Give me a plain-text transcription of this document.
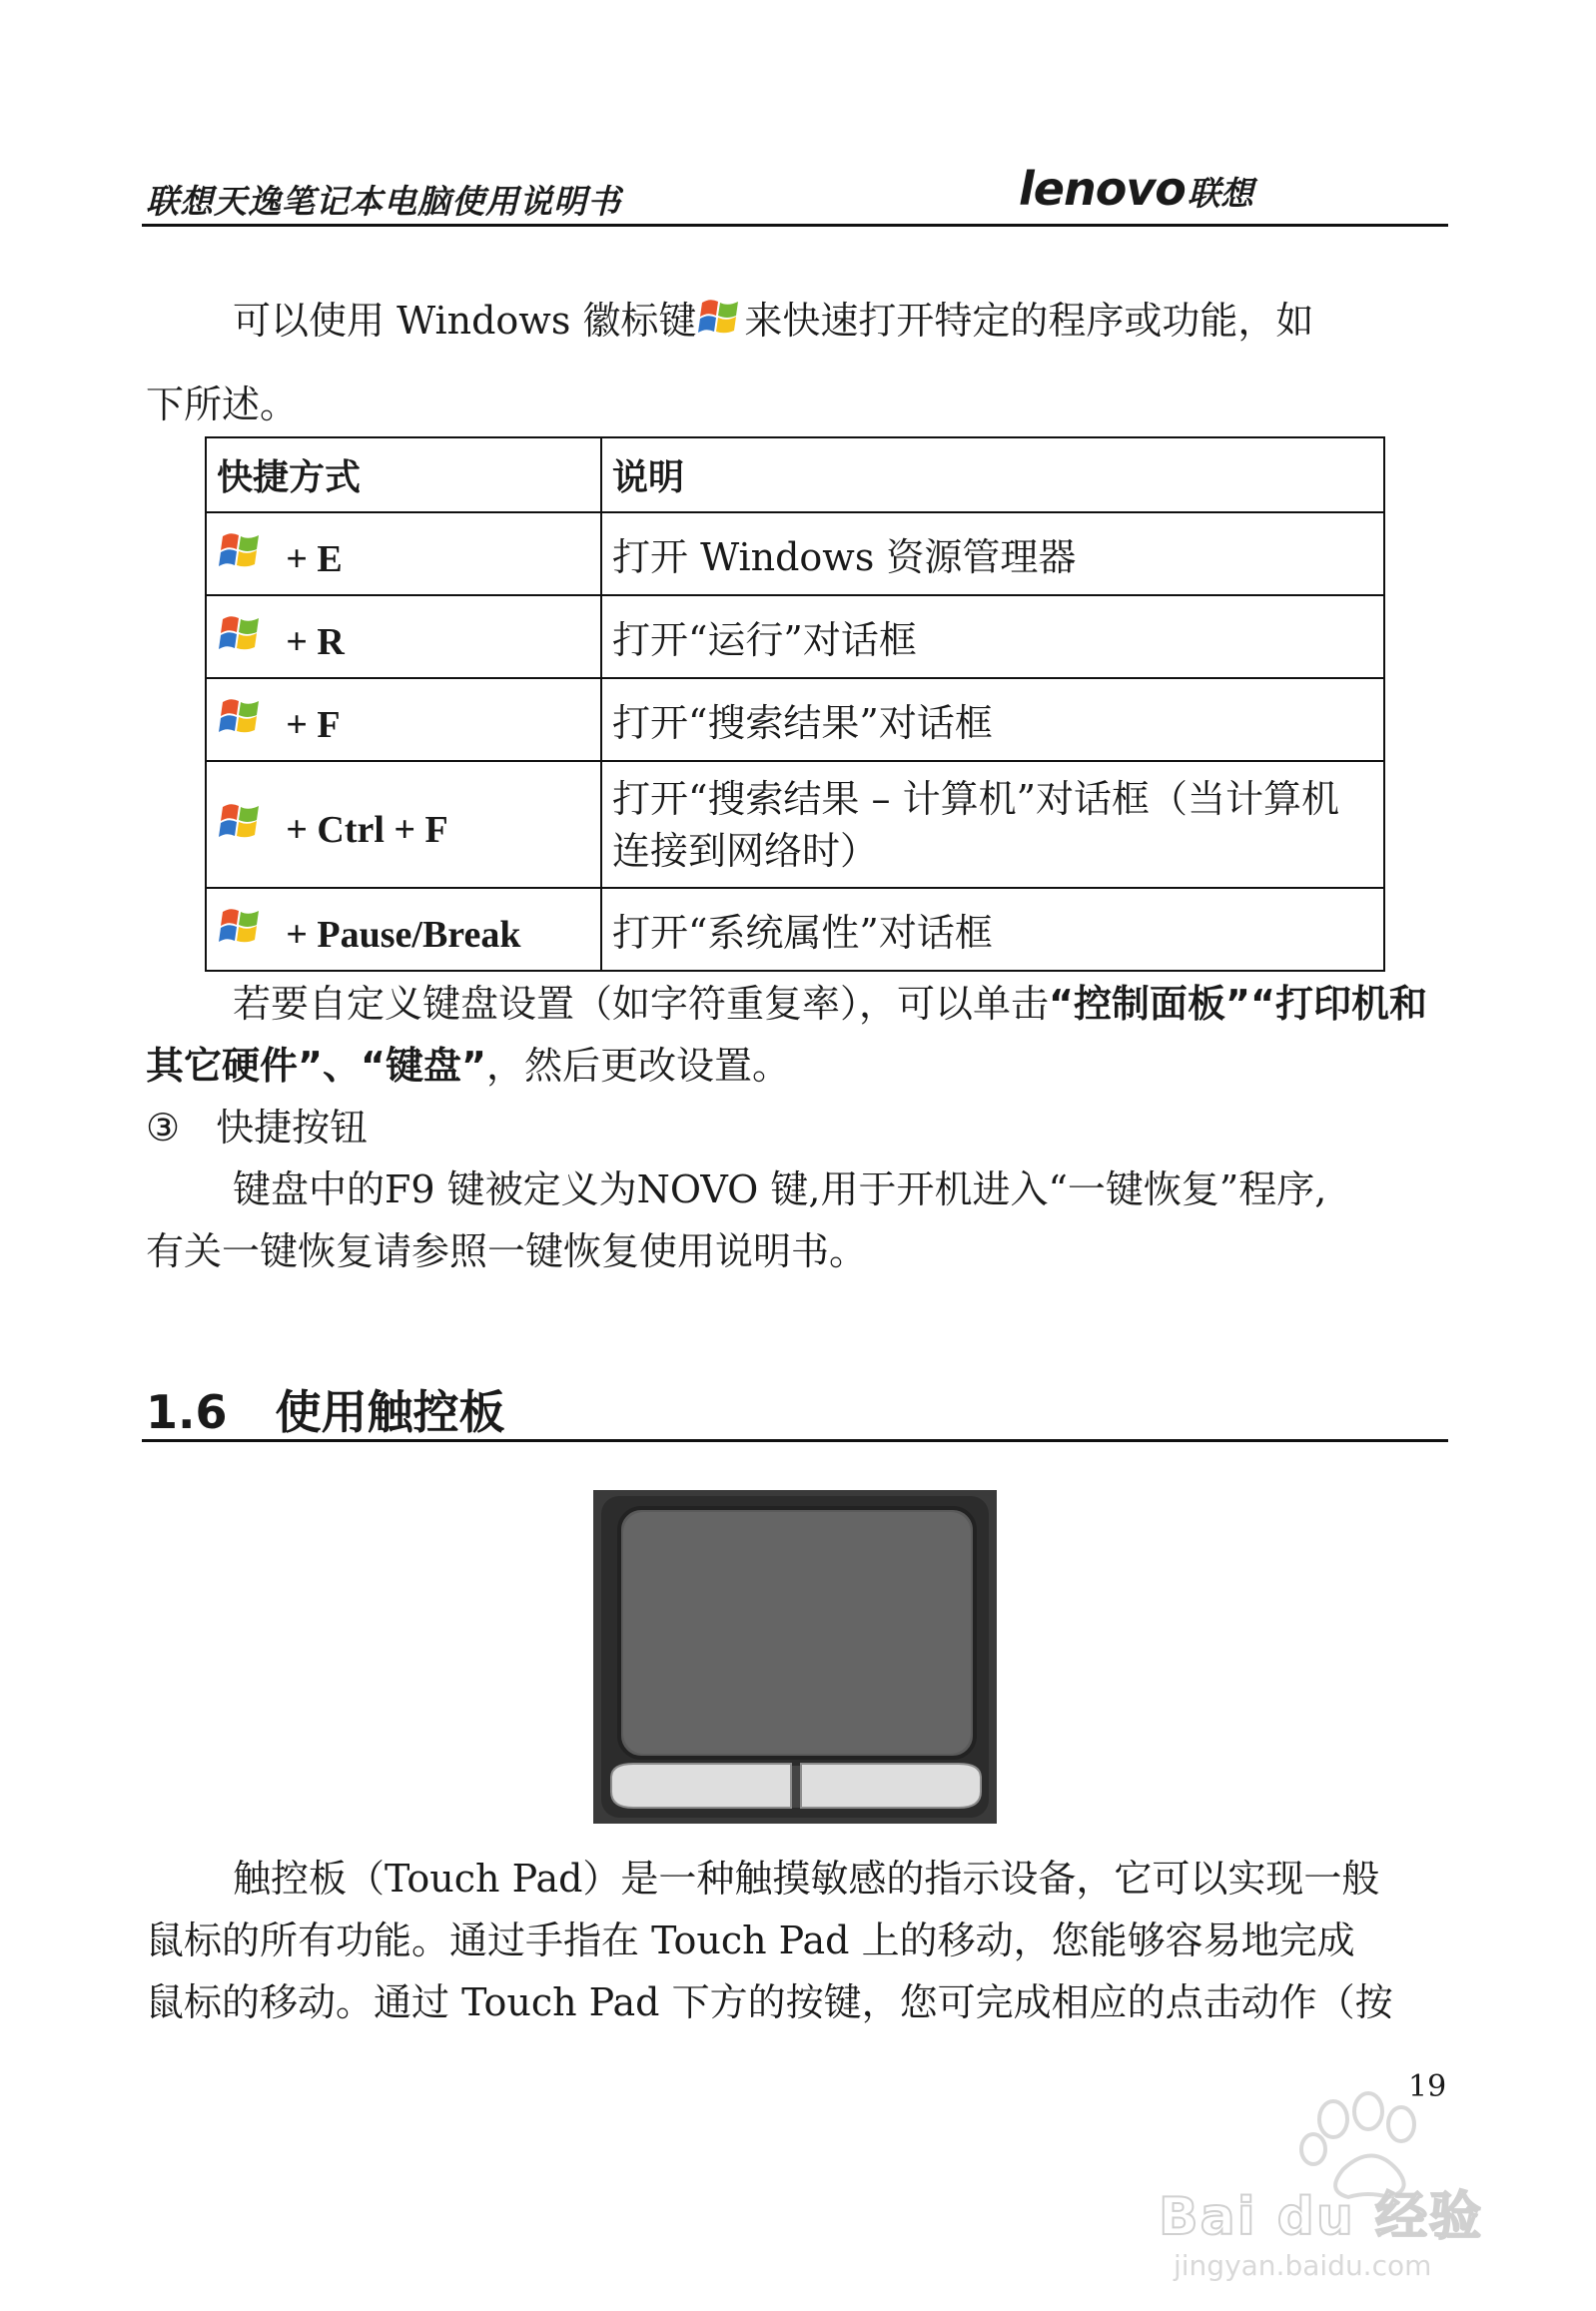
联想天逸笔记本电脑使用说明书	lenovo 联想
可以使用 Windows 徽标键 来快速打开特定的程序或功能，如
下所述。
快捷方式	说明
+ E	打开 Windows 资源管理器
+ R	打开“运行”对话框
+ F	打开“搜索结果”对话框
+ Ctrl + F	打开“搜索结果 – 计算机”对话框（当计算机连接到网络时）
+ Pause/Break	打开“系统属性”对话框
若要自定义键盘设置（如字符重复率），可以单击“控制面板”“打印机和其它硬件”、“键盘”，然后更改设置。
③ 快捷按钮
键盘中的F9 键被定义为NOVO 键,用于开机进入“一键恢复”程序,
有关一键恢复请参照一键恢复使用说明书。
1.6 使用触控板
触控板（Touch Pad）是一种触摸敏感的指示设备，它可以实现一般
鼠标的所有功能。通过手指在 Touch Pad 上的移动，您能够容易地完成
鼠标的移动。通过 Touch Pad 下方的按键，您可完成相应的点击动作（按
19
Bai du 经验
jingyan.baidu.com
